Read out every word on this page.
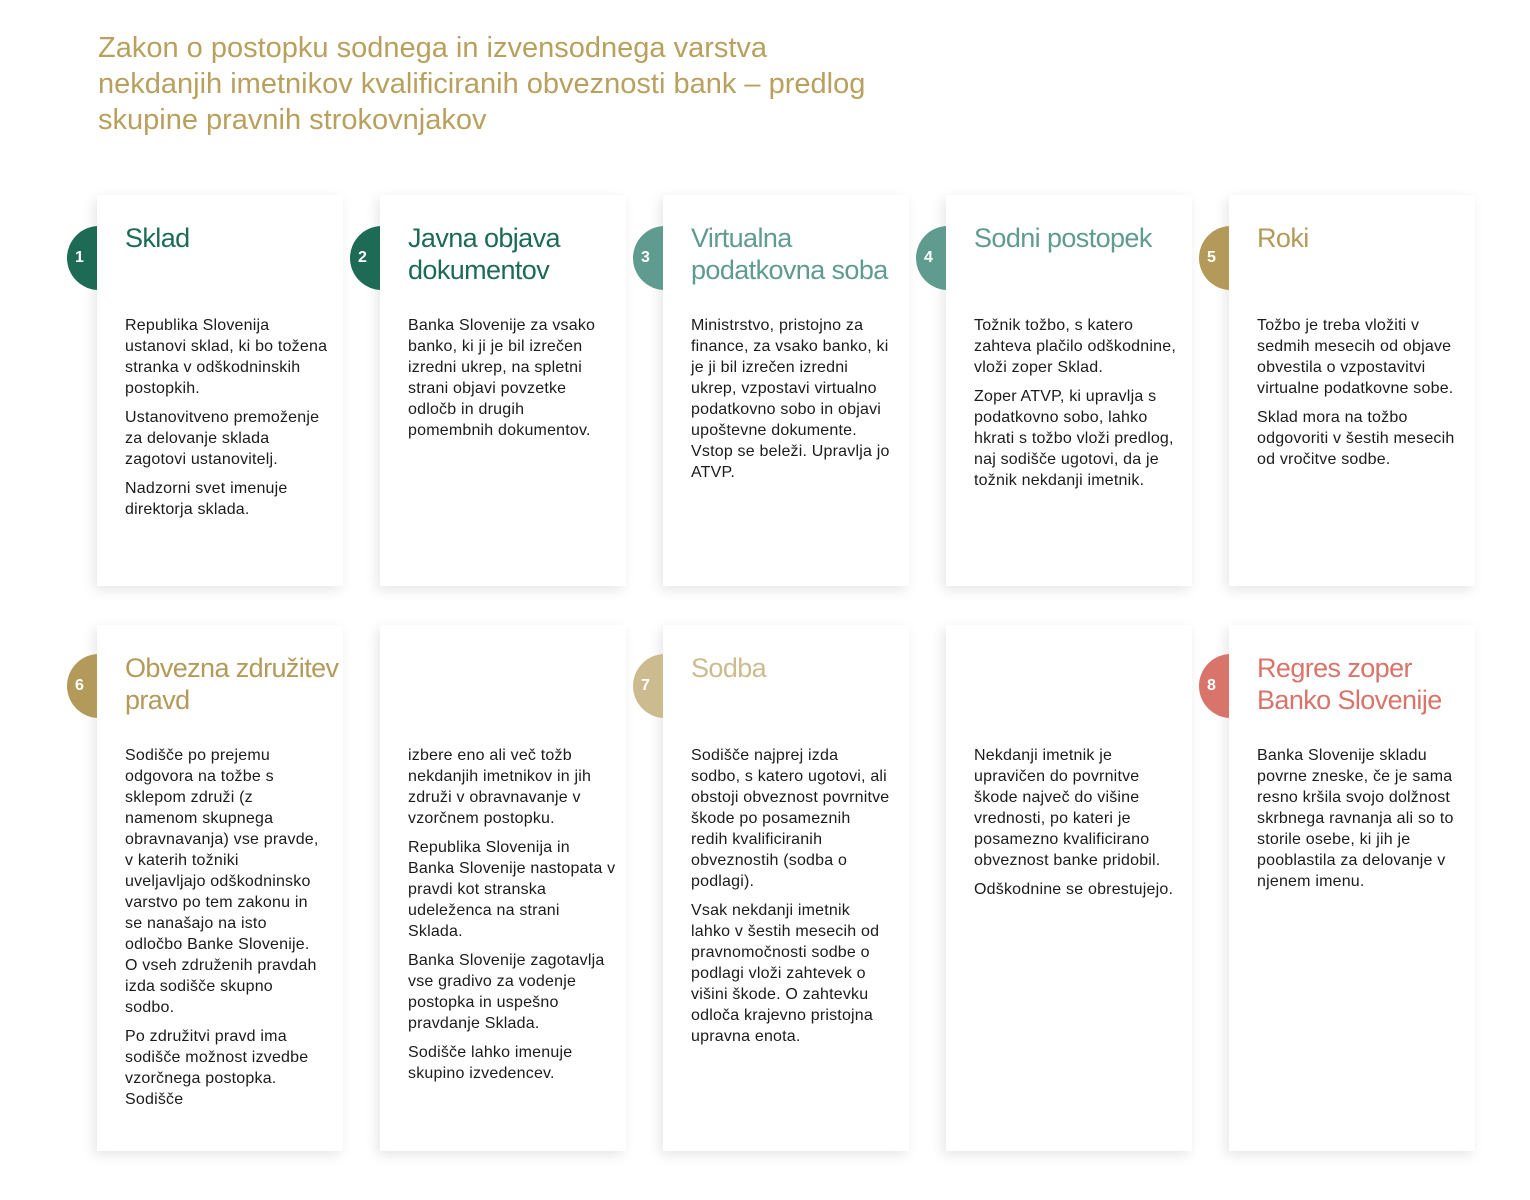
Zakon o postopku sodnega in izvensodnega varstva nekdanjih imetnikov kvalificiranih obveznosti bank – predlog skupine pravnih strokovnjakov
1
Sklad

Republika Slovenija ustanovi sklad, ki bo tožena stranka v odškodninskih postopkih.

Ustanovitveno premoženje za delovanje sklada zagotovi ustanovitelj.

Nadzorni svet imenuje direktorja sklada.

2
Javna objava dokumentov

Banka Slovenije za vsako banko, ki ji je bil izrečen izredni ukrep, na spletni strani objavi povzetke odločb in drugih pomembnih dokumentov.

3
Virtualna podatkovna soba

Ministrstvo, pristojno za finance, za vsako banko, ki je ji bil izrečen izredni ukrep, vzpostavi virtualno podatkovno sobo in objavi upoštevne dokumente. Vstop se beleži. Upravlja jo ATVP.

4
Sodni postopek

Tožnik tožbo, s katero zahteva plačilo odškodnine, vloži zoper Sklad.

Zoper ATVP, ki upravlja s podatkovno sobo, lahko hkrati s tožbo vloži predlog, naj sodišče ugotovi, da je tožnik nekdanji imetnik.

5
Roki

Tožbo je treba vložiti v sedmih mesecih od objave obvestila o vzpostavitvi virtualne podatkovne sobe.

Sklad mora na tožbo odgovoriti v šestih mesecih od vročitve sodbe.

6
Obvezna združitev pravd

Sodišče po prejemu odgovora na tožbe s sklepom združi (z namenom skupnega obravnavanja) vse pravde, v katerih tožniki uveljavljajo odškodninsko varstvo po tem zakonu in se nanašajo na isto odločbo Banke Slovenije. O vseh združenih pravdah izda sodišče skupno sodbo.

Po združitvi pravd ima sodišče možnost izvedbe vzorčnega postopka. Sodišče

izbere eno ali več tožb nekdanjih imetnikov in jih združi v obravnavanje v vzorčnem postopku.

Republika Slovenija in Banka Slovenije nastopata v pravdi kot stranska udeleženca na strani Sklada.

Banka Slovenije zagotavlja vse gradivo za vodenje postopka in uspešno pravdanje Sklada.

Sodišče lahko imenuje skupino izvedencev.

7
Sodba

Sodišče najprej izda sodbo, s katero ugotovi, ali obstoji obveznost povrnitve škode po posameznih redih kvalificiranih obveznostih (sodba o podlagi).

Vsak nekdanji imetnik lahko v šestih mesecih od pravnomočnosti sodbe o podlagi vloži zahtevek o višini škode. O zahtevku odloča krajevno pristojna upravna enota.

Nekdanji imetnik je upravičen do povrnitve škode največ do višine vrednosti, po kateri je posamezno kvalificirano obveznost banke pridobil.

Odškodnine se obrestujejo.

8
Regres zoper Banko Slovenije

Banka Slovenije skladu povrne zneske, če je sama resno kršila svojo dolžnost skrbnega ravnanja ali so to storile osebe, ki jih je pooblastila za delovanje v njenem imenu.
